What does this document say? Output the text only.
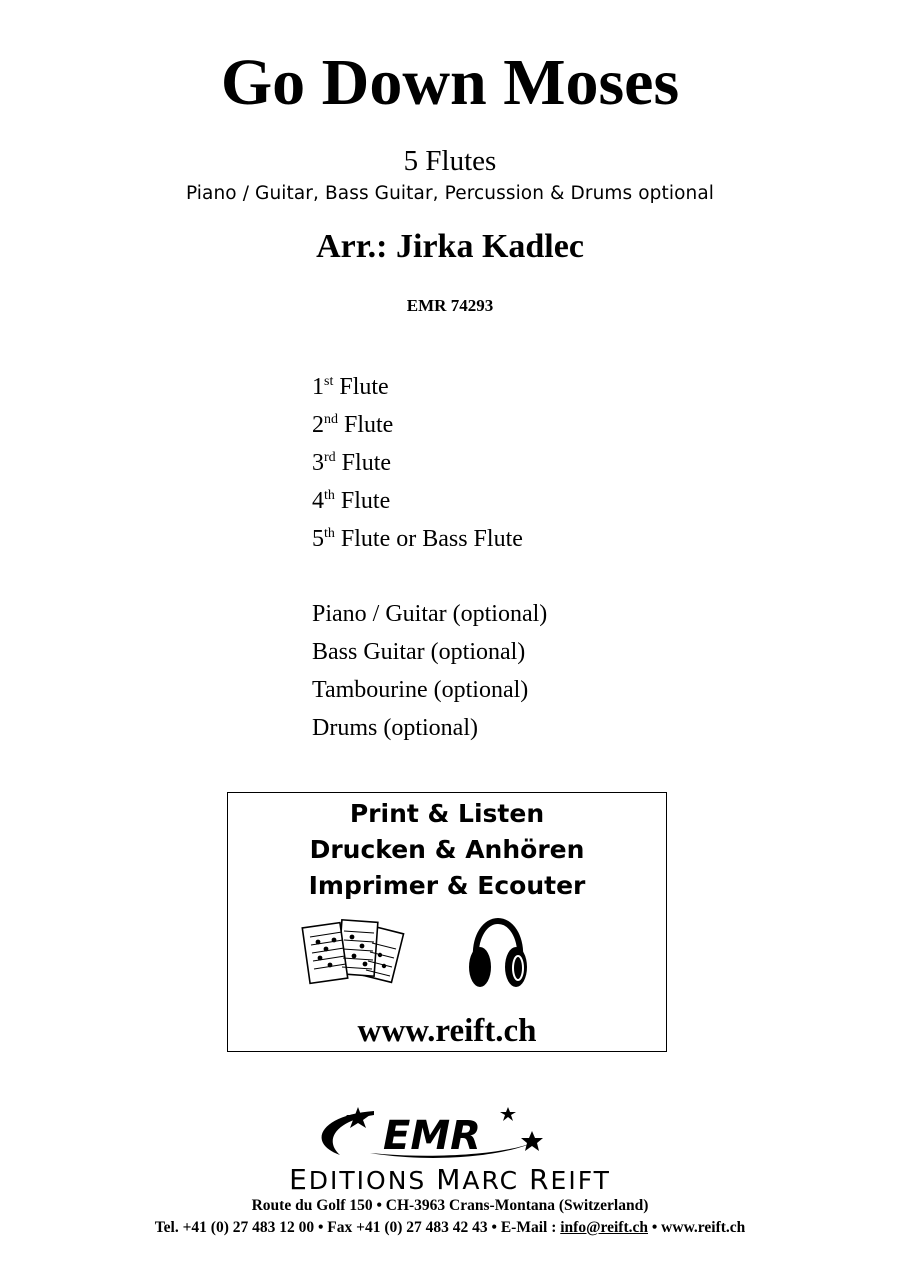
Go Down Moses
5 Flutes
Piano / Guitar, Bass Guitar, Percussion & Drums optional
Arr.: Jirka Kadlec
EMR 74293
1st Flute
2nd Flute
3rd Flute
4th Flute
5th Flute or Bass Flute
Piano / Guitar (optional)
Bass Guitar (optional)
Tambourine (optional)
Drums (optional)
Print & Listen
Drucken & Anhören
Imprimer & Ecouter
www.reift.ch
EMR
EDITIONS MARC REIFT
Route du Golf 150 • CH-3963 Crans-Montana (Switzerland)
Tel. +41 (0) 27 483 12 00 • Fax +41 (0) 27 483 42 43 • E-Mail : info@reift.ch • www.reift.ch
